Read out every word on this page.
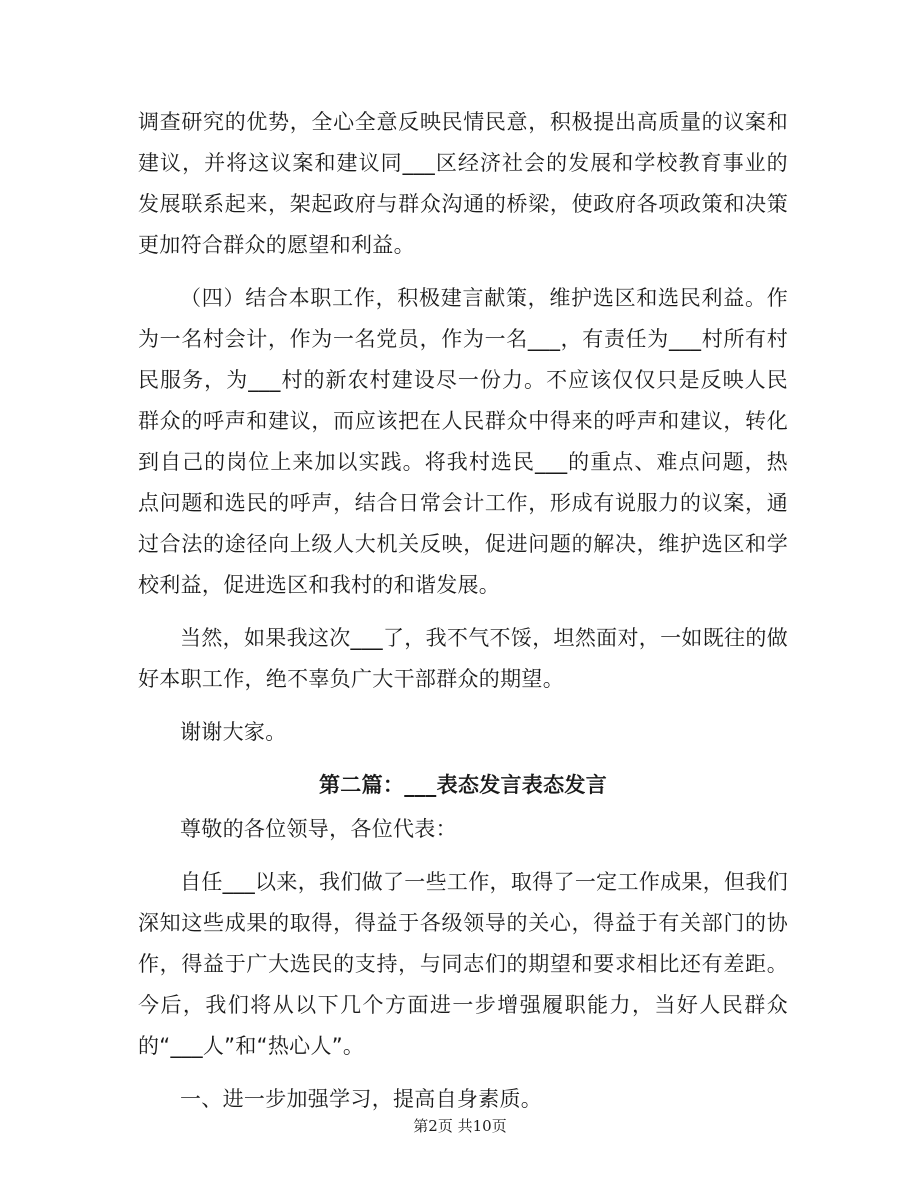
调查研究的优势，全心全意反映民情民意，积极提出高质量的议案和建议，并将这议案和建议同___区经济社会的发展和学校教育事业的发展联系起来，架起政府与群众沟通的桥梁，使政府各项政策和决策更加符合群众的愿望和利益。

（四）结合本职工作，积极建言献策，维护选区和选民利益。作为一名村会计，作为一名党员，作为一名___，有责任为___村所有村民服务，为___村的新农村建设尽一份力。不应该仅仅只是反映人民群众的呼声和建议，而应该把在人民群众中得来的呼声和建议，转化到自己的岗位上来加以实践。将我村选民___的重点、难点问题，热点问题和选民的呼声，结合日常会计工作，形成有说服力的议案，通过合法的途径向上级人大机关反映，促进问题的解决，维护选区和学校利益，促进选区和我村的和谐发展。

当然，如果我这次___了，我不气不馁，坦然面对，一如既往的做好本职工作，绝不辜负广大干部群众的期望。

谢谢大家。

第二篇：___表态发言表态发言

尊敬的各位领导，各位代表：

自任___以来，我们做了一些工作，取得了一定工作成果，但我们深知这些成果的取得，得益于各级领导的关心，得益于有关部门的协作，得益于广大选民的支持，与同志们的期望和要求相比还有差距。今后，我们将从以下几个方面进一步增强履职能力，当好人民群众的“___人”和“热心人”。

一、进一步加强学习，提高自身素质。

第2页 共10页
